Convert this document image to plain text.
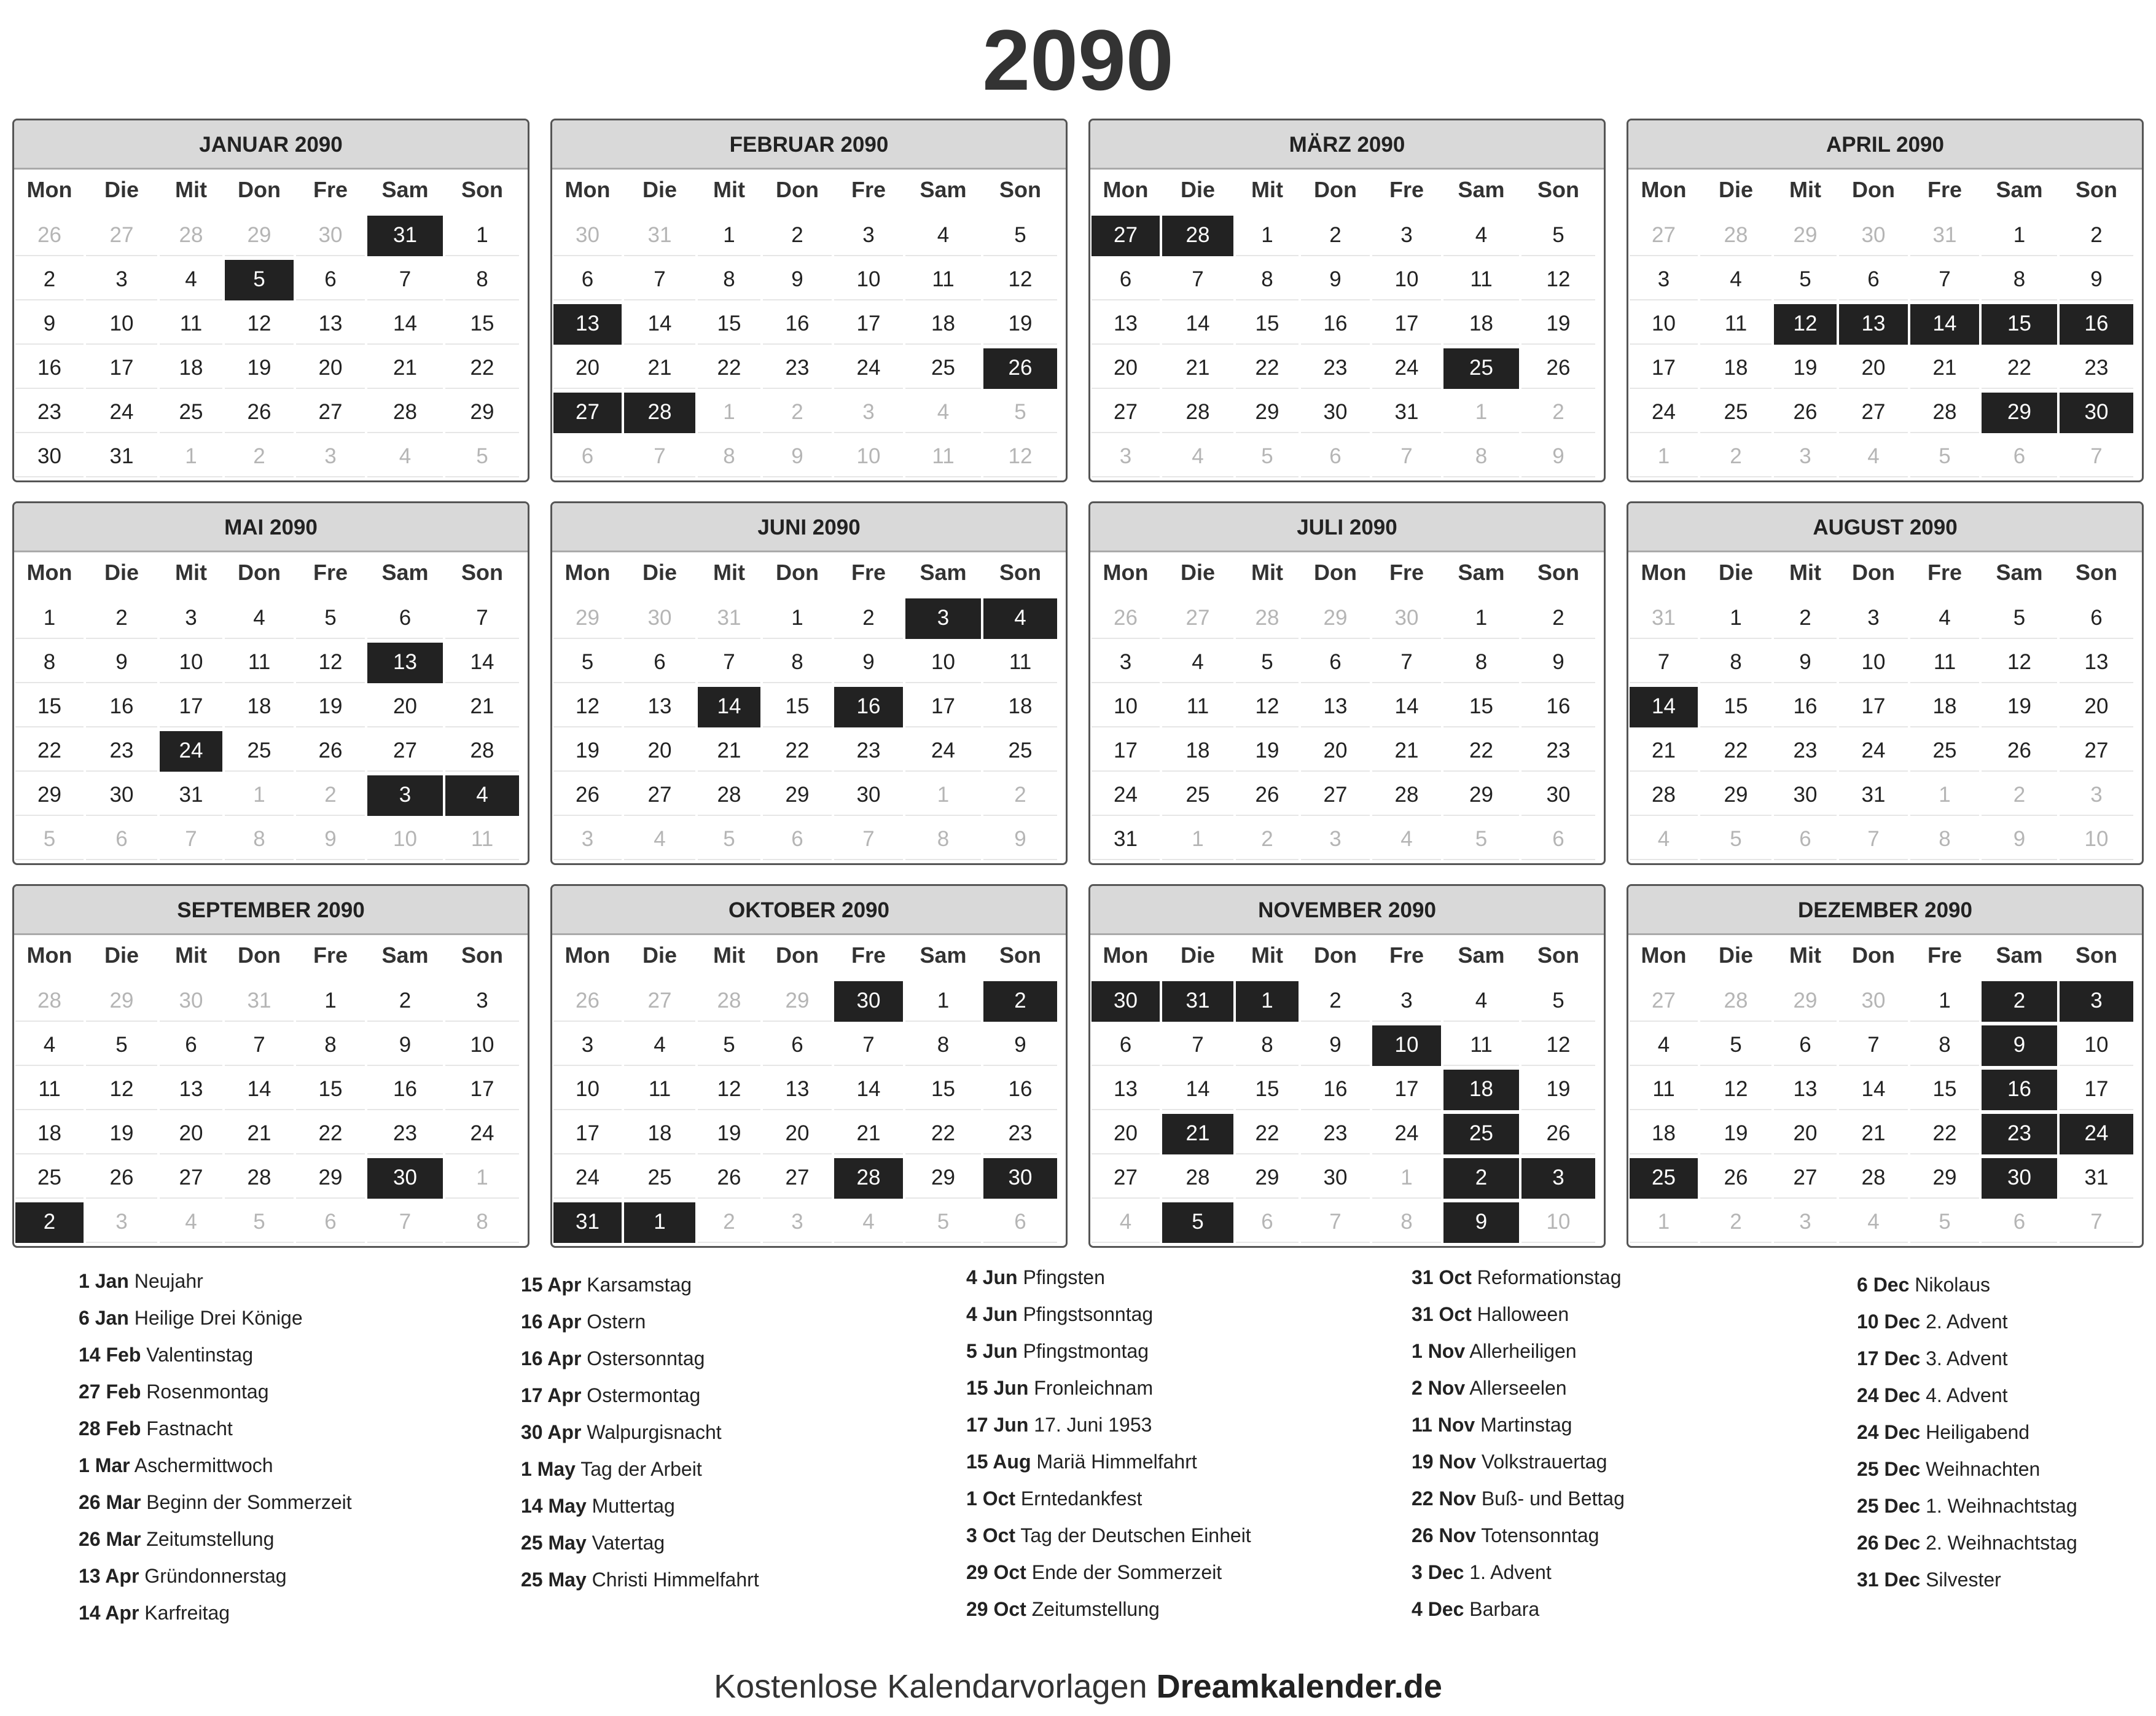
2090
JANUAR 2090
Mon	Die	Mit	Don	Fre	Sam	Son
26	27	28	29	30	31	1
2	3	4	5	6	7	8
9	10	11	12	13	14	15
16	17	18	19	20	21	22
23	24	25	26	27	28	29
30	31	1	2	3	4	5
FEBRUAR 2090
Mon	Die	Mit	Don	Fre	Sam	Son
30	31	1	2	3	4	5
6	7	8	9	10	11	12
13	14	15	16	17	18	19
20	21	22	23	24	25	26
27	28	1	2	3	4	5
6	7	8	9	10	11	12
MÄRZ 2090
Mon	Die	Mit	Don	Fre	Sam	Son
27	28	1	2	3	4	5
6	7	8	9	10	11	12
13	14	15	16	17	18	19
20	21	22	23	24	25	26
27	28	29	30	31	1	2
3	4	5	6	7	8	9
APRIL 2090
Mon	Die	Mit	Don	Fre	Sam	Son
27	28	29	30	31	1	2
3	4	5	6	7	8	9
10	11	12	13	14	15	16
17	18	19	20	21	22	23
24	25	26	27	28	29	30
1	2	3	4	5	6	7
MAI 2090
Mon	Die	Mit	Don	Fre	Sam	Son
1	2	3	4	5	6	7
8	9	10	11	12	13	14
15	16	17	18	19	20	21
22	23	24	25	26	27	28
29	30	31	1	2	3	4
5	6	7	8	9	10	11
JUNI 2090
Mon	Die	Mit	Don	Fre	Sam	Son
29	30	31	1	2	3	4
5	6	7	8	9	10	11
12	13	14	15	16	17	18
19	20	21	22	23	24	25
26	27	28	29	30	1	2
3	4	5	6	7	8	9
JULI 2090
Mon	Die	Mit	Don	Fre	Sam	Son
26	27	28	29	30	1	2
3	4	5	6	7	8	9
10	11	12	13	14	15	16
17	18	19	20	21	22	23
24	25	26	27	28	29	30
31	1	2	3	4	5	6
AUGUST 2090
Mon	Die	Mit	Don	Fre	Sam	Son
31	1	2	3	4	5	6
7	8	9	10	11	12	13
14	15	16	17	18	19	20
21	22	23	24	25	26	27
28	29	30	31	1	2	3
4	5	6	7	8	9	10
SEPTEMBER 2090
Mon	Die	Mit	Don	Fre	Sam	Son
28	29	30	31	1	2	3
4	5	6	7	8	9	10
11	12	13	14	15	16	17
18	19	20	21	22	23	24
25	26	27	28	29	30	1
2	3	4	5	6	7	8
OKTOBER 2090
Mon	Die	Mit	Don	Fre	Sam	Son
26	27	28	29	30	1	2
3	4	5	6	7	8	9
10	11	12	13	14	15	16
17	18	19	20	21	22	23
24	25	26	27	28	29	30
31	1	2	3	4	5	6
NOVEMBER 2090
Mon	Die	Mit	Don	Fre	Sam	Son
30	31	1	2	3	4	5
6	7	8	9	10	11	12
13	14	15	16	17	18	19
20	21	22	23	24	25	26
27	28	29	30	1	2	3
4	5	6	7	8	9	10
DEZEMBER 2090
Mon	Die	Mit	Don	Fre	Sam	Son
27	28	29	30	1	2	3
4	5	6	7	8	9	10
11	12	13	14	15	16	17
18	19	20	21	22	23	24
25	26	27	28	29	30	31
1	2	3	4	5	6	7
1 Jan Neujahr
6 Jan Heilige Drei Könige
14 Feb Valentinstag
27 Feb Rosenmontag
28 Feb Fastnacht
1 Mar Aschermittwoch
26 Mar Beginn der Sommerzeit
26 Mar Zeitumstellung
13 Apr Gründonnerstag
14 Apr Karfreitag
15 Apr Karsamstag
16 Apr Ostern
16 Apr Ostersonntag
17 Apr Ostermontag
30 Apr Walpurgisnacht
1 May Tag der Arbeit
14 May Muttertag
25 May Vatertag
25 May Christi Himmelfahrt
4 Jun Pfingsten
4 Jun Pfingstsonntag
5 Jun Pfingstmontag
15 Jun Fronleichnam
17 Jun 17. Juni 1953
15 Aug Mariä Himmelfahrt
1 Oct Erntedankfest
3 Oct Tag der Deutschen Einheit
29 Oct Ende der Sommerzeit
29 Oct Zeitumstellung
31 Oct Reformationstag
31 Oct Halloween
1 Nov Allerheiligen
2 Nov Allerseelen
11 Nov Martinstag
19 Nov Volkstrauertag
22 Nov Buß- und Bettag
26 Nov Totensonntag
3 Dec 1. Advent
4 Dec Barbara
6 Dec Nikolaus
10 Dec 2. Advent
17 Dec 3. Advent
24 Dec 4. Advent
24 Dec Heiligabend
25 Dec Weihnachten
25 Dec 1. Weihnachtstag
26 Dec 2. Weihnachtstag
31 Dec Silvester
Kostenlose Kalendarvorlagen Dreamkalender.de
